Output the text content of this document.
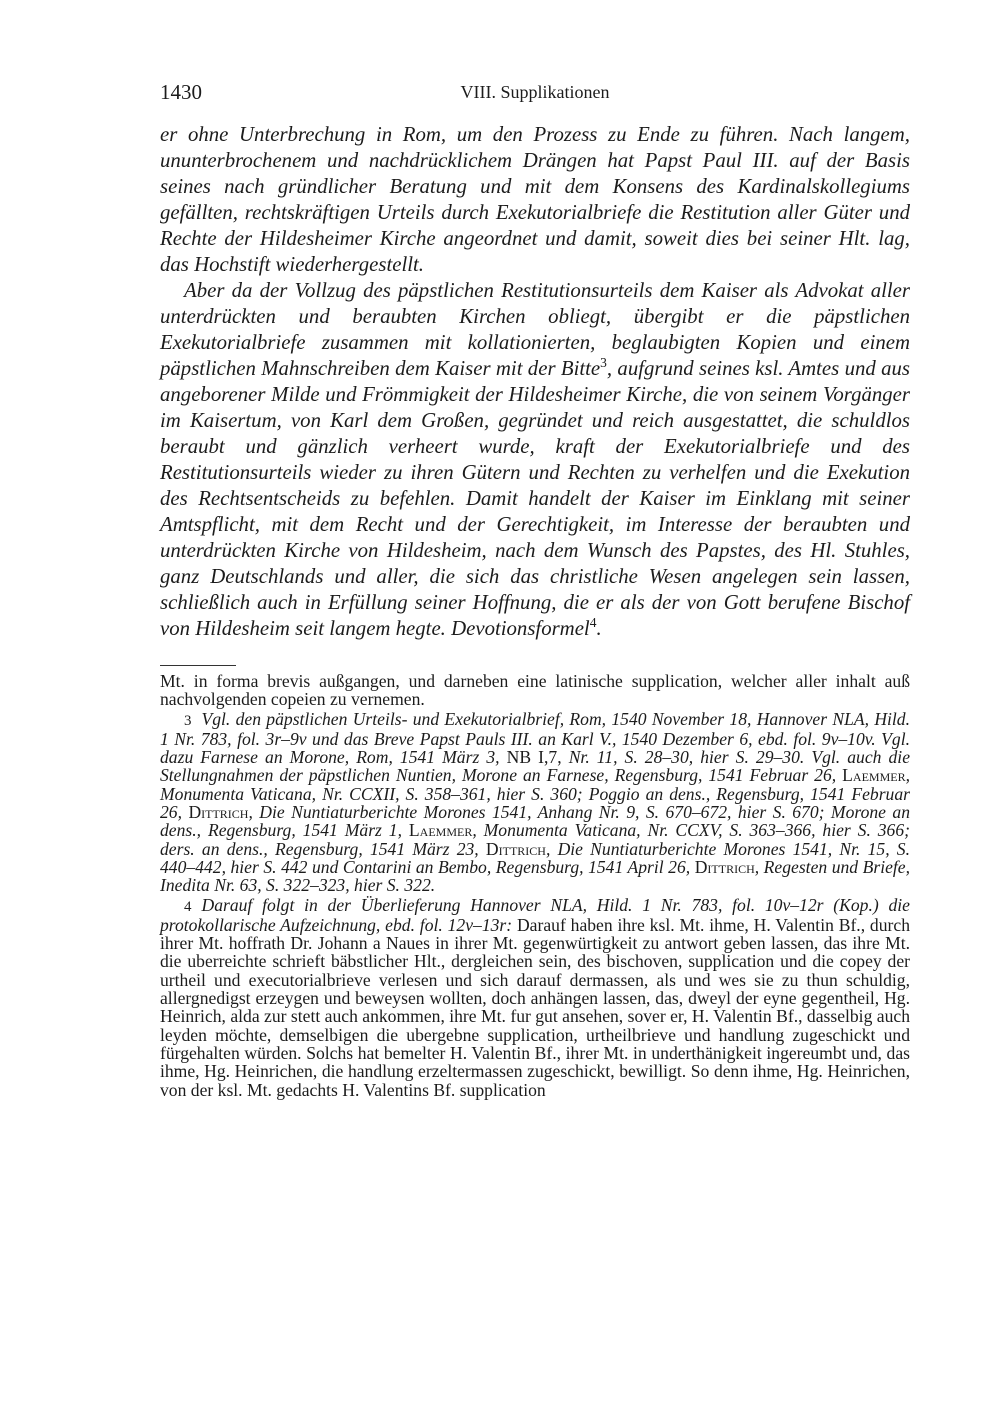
1430	VIII. Supplikationen

er ohne Unterbrechung in Rom, um den Prozess zu Ende zu führen. Nach langem, ununterbrochenem und nachdrücklichem Drängen hat Papst Paul III. auf der Basis seines nach gründlicher Beratung und mit dem Konsens des Kardinalskollegiums gefällten, rechtskräftigen Urteils durch Exekutorialbriefe die Restitution aller Güter und Rechte der Hildesheimer Kirche angeordnet und damit, soweit dies bei seiner Hlt. lag, das Hochstift wiederhergestellt.

Aber da der Vollzug des päpstlichen Restitutionsurteils dem Kaiser als Advokat aller unterdrückten und beraubten Kirchen obliegt, übergibt er die päpstlichen Exekutorialbriefe zusammen mit kollationierten, beglaubigten Kopien und einem päpstlichen Mahnschreiben dem Kaiser mit der Bitte$^3$, aufgrund seines ksl. Amtes und aus angeborener Milde und Frömmigkeit der Hildesheimer Kirche, die von seinem Vorgänger im Kaisertum, von Karl dem Großen, gegründet und reich ausgestattet, die schuldlos beraubt und gänzlich verheert wurde, kraft der Exekutorialbriefe und des Restitutionsurteils wieder zu ihren Gütern und Rechten zu verhelfen und die Exekution des Rechtsentscheids zu befehlen. Damit handelt der Kaiser im Einklang mit seiner Amtspflicht, mit dem Recht und der Gerechtigkeit, im Interesse der beraubten und unterdrückten Kirche von Hildesheim, nach dem Wunsch des Papstes, des Hl. Stuhles, ganz Deutschlands und aller, die sich das christliche Wesen angelegen sein lassen, schließlich auch in Erfüllung seiner Hoffnung, die er als der von Gott berufene Bischof von Hildesheim seit langem hegte. Devotionsformel$^4$.

Mt. in forma brevis außgangen, und darneben eine latinische supplication, welcher aller inhalt auß nachvolgenden copeien zu vernemen.

3 Vgl. den päpstlichen Urteils- und Exekutorialbrief, Rom, 1540 November 18, Hannover NLA, Hild. 1 Nr. 783, fol. 3r–9v und das Breve Papst Pauls III. an Karl V., 1540 Dezember 6, ebd. fol. 9v–10v. Vgl. dazu Farnese an Morone, Rom, 1541 März 3, NB I,7, Nr. 11, S. 28–30, hier S. 29–30. Vgl. auch die Stellungnahmen der päpstlichen Nuntien, Morone an Farnese, Regensburg, 1541 Februar 26, Laemmer, Monumenta Vaticana, Nr. CCXII, S. 358–361, hier S. 360; Poggio an dens., Regensburg, 1541 Februar 26, Dittrich, Die Nuntiaturberichte Morones 1541, Anhang Nr. 9, S. 670–672, hier S. 670; Morone an dens., Regensburg, 1541 März 1, Laemmer, Monumenta Vaticana, Nr. CCXV, S. 363–366, hier S. 366; ders. an dens., Regensburg, 1541 März 23, Dittrich, Die Nuntiaturberichte Morones 1541, Nr. 15, S. 440–442, hier S. 442 und Contarini an Bembo, Regensburg, 1541 April 26, Dittrich, Regesten und Briefe, Inedita Nr. 63, S. 322–323, hier S. 322.

4 Darauf folgt in der Überlieferung Hannover NLA, Hild. 1 Nr. 783, fol. 10v–12r (Kop.) die protokollarische Aufzeichnung, ebd. fol. 12v–13r: Darauf haben ihre ksl. Mt. ihme, H. Valentin Bf., durch ihrer Mt. hoffrath Dr. Johann a Naues in ihrer Mt. gegenwürtigkeit zu antwort geben lassen, das ihre Mt. die uberreichte schrieft bäbstlicher Hlt., dergleichen sein, des bischoven, supplication und die copey der urtheil und executorialbrieve verlesen und sich darauf dermassen, als und wes sie zu thun schuldig, allergnedigst erzeygen und beweysen wollten, doch anhängen lassen, das, dweyl der eyne gegentheil, Hg. Heinrich, alda zur stett auch ankommen, ihre Mt. fur gut ansehen, sover er, H. Valentin Bf., dasselbig auch leyden möchte, demselbigen die ubergebne supplication, urtheilbrieve und handlung zugeschickt und fürgehalten würden. Solchs hat bemelter H. Valentin Bf., ihrer Mt. in underthänigkeit ingereumbt und, das ihme, Hg. Heinrichen, die handlung erzeltermassen zugeschickt, bewilligt. So denn ihme, Hg. Heinrichen, von der ksl. Mt. gedachts H. Valentins Bf. supplication
